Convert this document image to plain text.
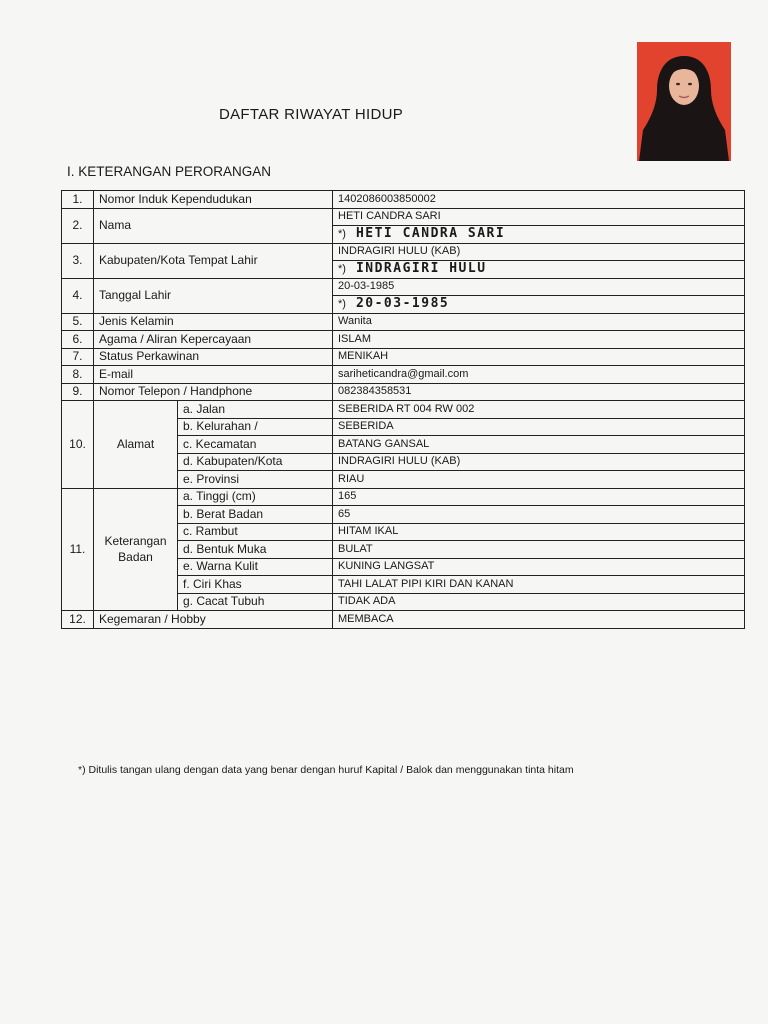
DAFTAR RIWAYAT HIDUP
I. KETERANGAN PERORANGAN
1.	Nomor Induk Kependudukan		1402086003850002
2.	Nama		HETI CANDRA SARI
			*) HETI CANDRA SARI
3.	Kabupaten/Kota Tempat Lahir		INDRAGIRI HULU (KAB)
			*) INDRAGIRI HULU
4.	Tanggal Lahir		20-03-1985
			*) 20-03-1985
5.	Jenis Kelamin		Wanita
6.	Agama / Aliran Kepercayaan		ISLAM
7.	Status Perkawinan		MENIKAH
8.	E-mail		sariheticandra@gmail.com
9.	Nomor Telepon / Handphone		082384358531
10.	Alamat	a. Jalan	SEBERIDA RT 004 RW 002
		b. Kelurahan /	SEBERIDA
		c. Kecamatan	BATANG GANSAL
		d. Kabupaten/Kota	INDRAGIRI HULU (KAB)
		e. Provinsi	RIAU
11.	Keterangan
Badan	a. Tinggi (cm)	165
		b. Berat Badan	65
		c. Rambut	HITAM IKAL
		d. Bentuk Muka	BULAT
		e. Warna Kulit	KUNING LANGSAT
		f. Ciri Khas	TAHI LALAT PIPI KIRI DAN KANAN
		g. Cacat Tubuh	TIDAK ADA
12.	Kegemaran / Hobby		MEMBACA
*) Ditulis tangan ulang dengan data yang benar dengan huruf Kapital / Balok dan menggunakan tinta hitam
